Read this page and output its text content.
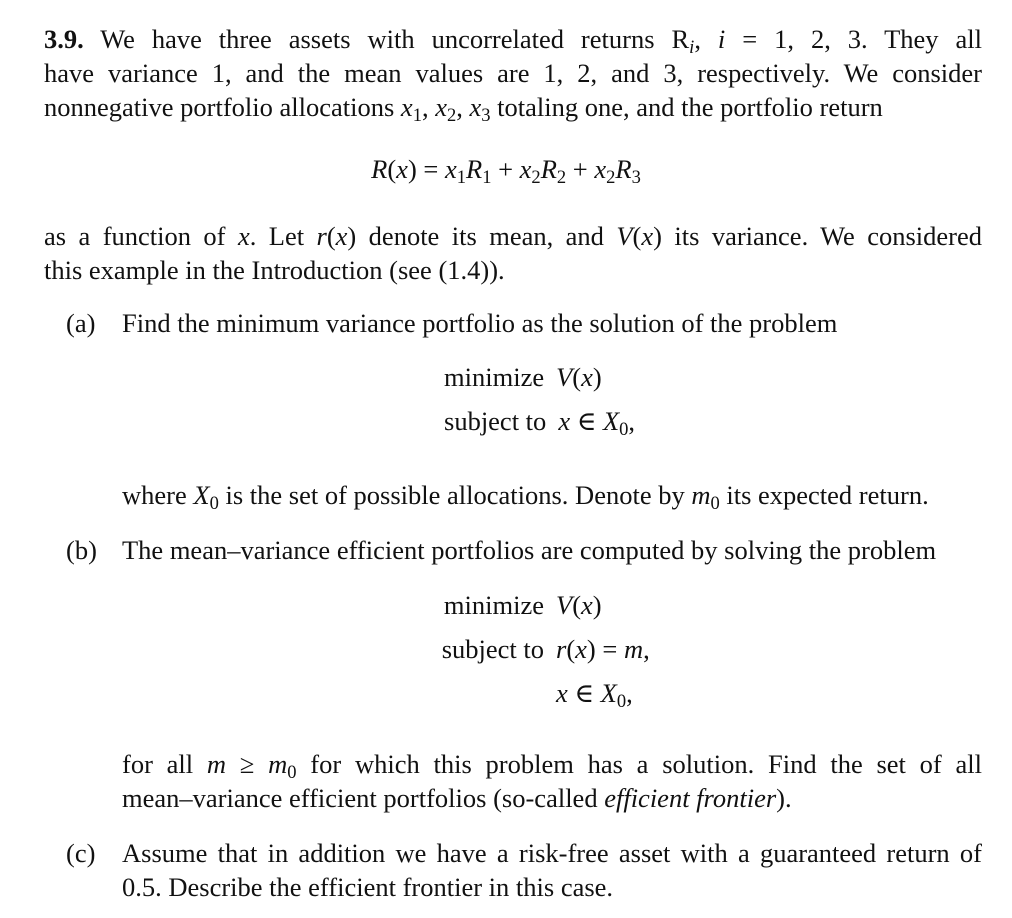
3.9. We have three assets with uncorrelated returns $R_i$, i = 1, 2, 3. They all
have variance 1, and the mean values are 1, 2, and 3, respectively. We consider
nonnegative portfolio allocations $x_1$, $x_2$, $x_3$ totaling one, and the portfolio return
$R(x) = x_1R_1 + x_2R_2 + x_2R_3$
as a function of x. Let r(x) denote its mean, and V(x) its variance. We considered
this example in the Introduction (see (1.4)).
(a) Find the minimum variance portfolio as the solution of the problem
minimize V(x)
subject to x ∈ $X_0$,
where $X_0$ is the set of possible allocations. Denote by $m_0$ its expected return.
(b) The mean–variance efficient portfolios are computed by solving the problem
minimize V(x)
subject to r(x) = m,
x ∈ $X_0$,
for all $m \ge m_0$ for which this problem has a solution. Find the set of all
mean–variance efficient portfolios (so-called efficient frontier).
(c) Assume that in addition we have a risk-free asset with a guaranteed return of
0.5. Describe the efficient frontier in this case.
